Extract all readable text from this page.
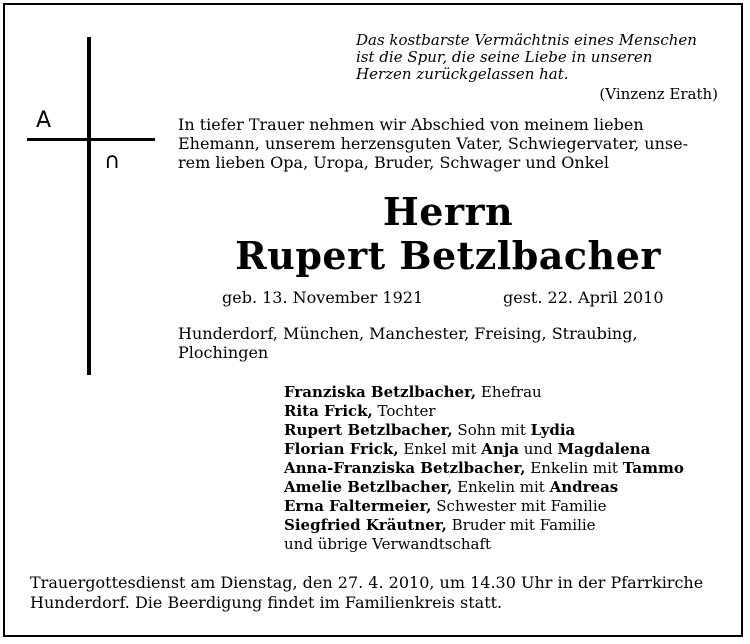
A
∩
Das kostbarste Vermächtnis eines Menschen
ist die Spur, die seine Liebe in unseren
Herzen zurückgelassen hat.
(Vinzenz Erath)
In tiefer Trauer nehmen wir Abschied von meinem lieben
Ehemann, unserem herzensguten Vater, Schwiegervater, unse-
rem lieben Opa, Uropa, Bruder, Schwager und Onkel
Herrn
Rupert Betzlbacher
geb. 13. November 1921	gest. 22. April 2010
Hunderdorf, München, Manchester, Freising, Straubing,
Plochingen
Franziska Betzlbacher, Ehefrau
Rita Frick, Tochter
Rupert Betzlbacher, Sohn mit Lydia
Florian Frick, Enkel mit Anja und Magdalena
Anna-Franziska Betzlbacher, Enkelin mit Tammo
Amelie Betzlbacher, Enkelin mit Andreas
Erna Faltermeier, Schwester mit Familie
Siegfried Kräutner, Bruder mit Familie
und übrige Verwandtschaft
Trauergottesdienst am Dienstag, den 27. 4. 2010, um 14.30 Uhr in der Pfarrkirche
Hunderdorf. Die Beerdigung findet im Familienkreis statt.
